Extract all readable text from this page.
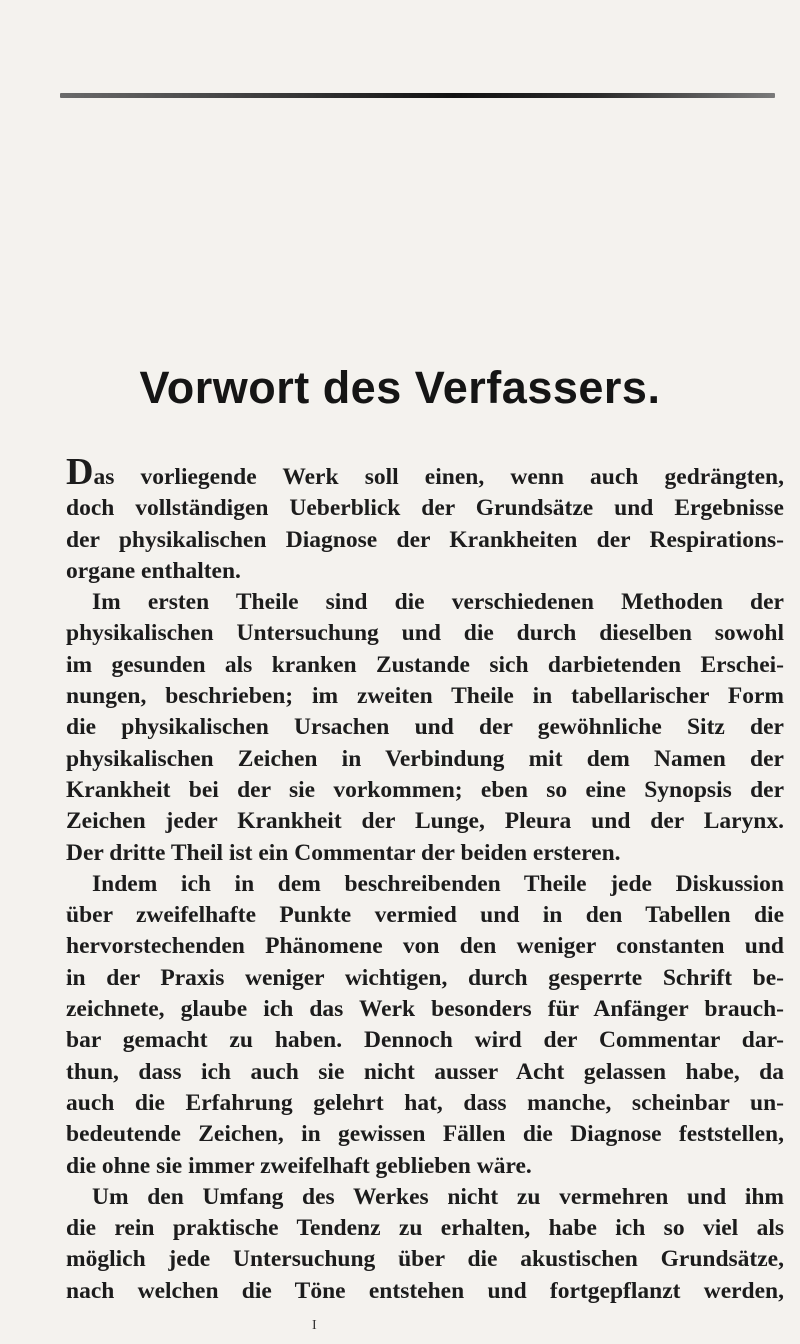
Vorwort des Verfassers.
Das vorliegende Werk soll einen, wenn auch gedrängten,
doch vollständigen Ueberblick der Grundsätze und Ergebnisse
der physikalischen Diagnose der Krankheiten der Respirations-
organe enthalten.
Im ersten Theile sind die verschiedenen Methoden der
physikalischen Untersuchung und die durch dieselben sowohl
im gesunden als kranken Zustande sich darbietenden Erschei-
nungen, beschrieben; im zweiten Theile in tabellarischer Form
die physikalischen Ursachen und der gewöhnliche Sitz der
physikalischen Zeichen in Verbindung mit dem Namen der
Krankheit bei der sie vorkommen; eben so eine Synopsis der
Zeichen jeder Krankheit der Lunge, Pleura und der Larynx.
Der dritte Theil ist ein Commentar der beiden ersteren.
Indem ich in dem beschreibenden Theile jede Diskussion
über zweifelhafte Punkte vermied und in den Tabellen die
hervorstechenden Phänomene von den weniger constanten und
in der Praxis weniger wichtigen, durch gesperrte Schrift be-
zeichnete, glaube ich das Werk besonders für Anfänger brauch-
bar gemacht zu haben. Dennoch wird der Commentar dar-
thun, dass ich auch sie nicht ausser Acht gelassen habe, da
auch die Erfahrung gelehrt hat, dass manche, scheinbar un-
bedeutende Zeichen, in gewissen Fällen die Diagnose feststellen,
die ohne sie immer zweifelhaft geblieben wäre.
Um den Umfang des Werkes nicht zu vermehren und ihm
die rein praktische Tendenz zu erhalten, habe ich so viel als
möglich jede Untersuchung über die akustischen Grundsätze,
nach welchen die Töne entstehen und fortgepflanzt werden,
I
